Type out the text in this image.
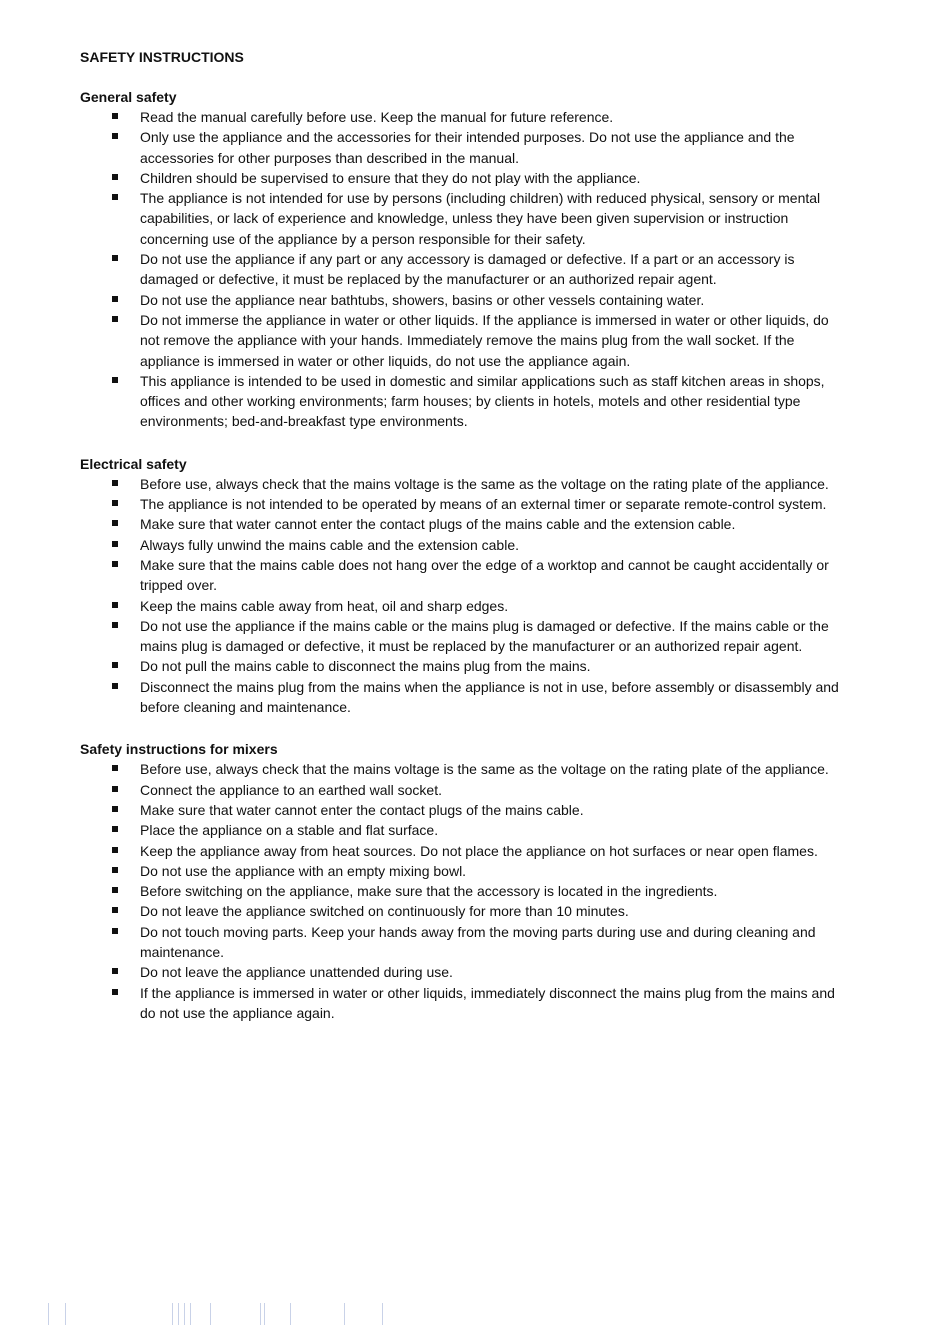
SAFETY INSTRUCTIONS
General safety
Read the manual carefully before use. Keep the manual for future reference.
Only use the appliance and the accessories for their intended purposes. Do not use the appliance and the accessories for other purposes than described in the manual.
Children should be supervised to ensure that they do not play with the appliance.
The appliance is not intended for use by persons (including children) with reduced physical, sensory or mental capabilities, or lack of experience and knowledge, unless they have been given supervision or instruction concerning use of the appliance by a person responsible for their safety.
Do not use the appliance if any part or any accessory is damaged or defective. If a part or an accessory is damaged or defective, it must be replaced by the manufacturer or an authorized repair agent.
Do not use the appliance near bathtubs, showers, basins or other vessels containing water.
Do not immerse the appliance in water or other liquids. If the appliance is immersed in water or other liquids, do not remove the appliance with your hands. Immediately remove the mains plug from the wall socket. If the appliance is immersed in water or other liquids, do not use the appliance again.
This appliance is intended to be used in domestic and similar applications such as staff kitchen areas in shops, offices and other working environments; farm houses; by clients in hotels, motels and other residential type environments; bed-and-breakfast type environments.
Electrical safety
Before use, always check that the mains voltage is the same as the voltage on the rating plate of the appliance.
The appliance is not intended to be operated by means of an external timer or separate remote-control system.
Make sure that water cannot enter the contact plugs of the mains cable and the extension cable.
Always fully unwind the mains cable and the extension cable.
Make sure that the mains cable does not hang over the edge of a worktop and cannot be caught accidentally or tripped over.
Keep the mains cable away from heat, oil and sharp edges.
Do not use the appliance if the mains cable or the mains plug is damaged or defective. If the mains cable or the mains plug is damaged or defective, it must be replaced by the manufacturer or an authorized repair agent.
Do not pull the mains cable to disconnect the mains plug from the mains.
Disconnect the mains plug from the mains when the appliance is not in use, before assembly or disassembly and before cleaning and maintenance.
Safety instructions for mixers
Before use, always check that the mains voltage is the same as the voltage on the rating plate of the appliance.
Connect the appliance to an earthed wall socket.
Make sure that water cannot enter the contact plugs of the mains cable.
Place the appliance on a stable and flat surface.
Keep the appliance away from heat sources. Do not place the appliance on hot surfaces or near open flames.
Do not use the appliance with an empty mixing bowl.
Before switching on the appliance, make sure that the accessory is located in the ingredients.
Do not leave the appliance switched on continuously for more than 10 minutes.
Do not touch moving parts. Keep your hands away from the moving parts during use and during cleaning and maintenance.
Do not leave the appliance unattended during use.
If the appliance is immersed in water or other liquids, immediately disconnect the mains plug from the mains and do not use the appliance again.
